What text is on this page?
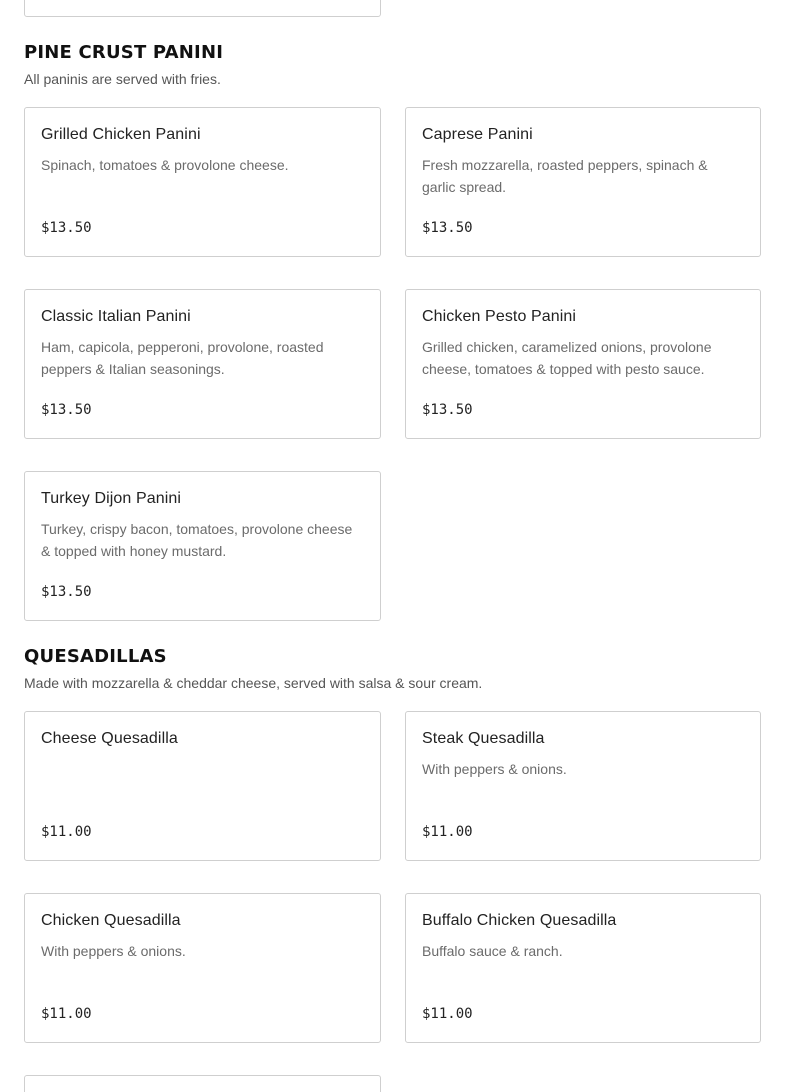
PINE CRUST PANINI
All paninis are served with fries.
Grilled Chicken Panini
Spinach, tomatoes & provolone cheese.
$13.50
Caprese Panini
Fresh mozzarella, roasted peppers, spinach & garlic spread.
$13.50
Classic Italian Panini
Ham, capicola, pepperoni, provolone, roasted peppers & Italian seasonings.
$13.50
Chicken Pesto Panini
Grilled chicken, caramelized onions, provolone cheese, tomatoes & topped with pesto sauce.
$13.50
Turkey Dijon Panini
Turkey, crispy bacon, tomatoes, provolone cheese & topped with honey mustard.
$13.50
QUESADILLAS
Made with mozzarella & cheddar cheese, served with salsa & sour cream.
Cheese Quesadilla
$11.00
Steak Quesadilla
With peppers & onions.
$11.00
Chicken Quesadilla
With peppers & onions.
$11.00
Buffalo Chicken Quesadilla
Buffalo sauce & ranch.
$11.00
